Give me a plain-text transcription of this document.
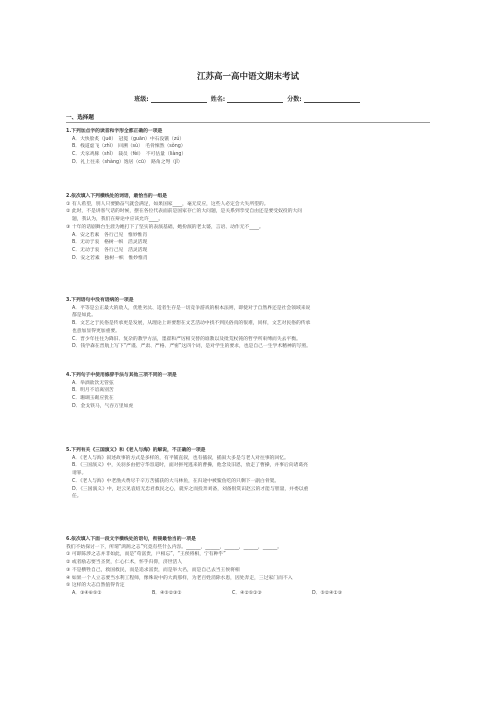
江苏高一高中语文期末考试
班级:	姓名:	分数:
一、选择题
1.下列加点字的读音和字形全都正确的一项是
A．大快脍炙（juē）　冠冕（guān）中石没镞（zú）
B．栈道虚飞（zhì）　回溯（sù）　毛骨悚然（sǒng）
C．犬豕鸡豚（shǐ）　裁员（fèi）　不可估量（liàng）
D．礼上往来（shàng）逸居（cū）　路角之弩（jǐ）
2.依次填入下列横线处的词语，最恰当的一组是
① 有人希望，别人只要勤奋气就会满足，如果国家____，毫无反应，这些人必定会大失所望的。
② 此时，不是讲客气话的时候，摆在各位代表面前是国家存亡的大问题，是关系到孪受自由还是要受奴役的大问
题，我认为，我们在辩论中应该允许____。
③ 十年的话剧舞台生涯为她打下了坚实的表演基础，她扮演的老太婆，言语、动作无不____。
A．安之若素　各行己见　惟妙惟肖
B．无动于衷　格树一帜　活灵活现
C．无动于衷　各行己见　活灵活现
D．安之若素　独树一帜　惟妙惟肖
3.下列语句中没有语病的一项是
A．平等是公正最大的敌人，优胜劣汰、适者生存是一切竞争游戏的根本法则，即使对于自然界还是社会领域来说
都是如此。
B．文艺之于民俗是传承更是发展，从理论上讲要想在文艺活动中找不到民俗真的很难，同样，文艺对民俗的传承
也意加显得更加重要。
C．晋少年往往为降旧、复杂的教学方法，墨翟和严厉相交替的谁教以及批荒杖钝的哲学所束缚而失去平衡。
D．钱学森在晋航上写下“严谨、严肃、严格、严密”这四个词，是对学生的要求，也是自己一生学术精神的写照。
4.下列句子中使用修辞手法与其他三项不同的一项是
A．举酒欲饮无管弦
B．明月不谙离别苦
C．珊瑚玉砌应犹在
D．金戈铁马，气吞万里如虎
5.下列有关《三国演义》和《老人与海》的解说，不正确的一项是
A．《老人与海》叙述故事的方式是多样的，有平铺直叙，也有插叙，插叙大多是与老人对往事的回忆。
B．《三国演义》中，关羽多由把守华容道时，面对拼死逃来的曹操，他念及旧恩，放走了曹操，并事后向诸葛亮
请罪。
C．《老人与海》中老渔夫费尽千辛万苦捕获的大马林鱼，在归途中被鲨鱼吃的只剩下一副白骨架。
D．《三国演义》中，赵云见袁绍无忠君救民之心，就弃之而投奔刘备，刘备很赏识赵云的才能与胆量，并委以重
任。
6.依次填入下面一段文字横线处的语句，衔接最恰当的一项是
我们不妨探讨一下，所谓“鸿鹄之志”究竟有些什么内容。______，______，______，______，______。
① 可即陈涉之志并非如此，而是“苟富贵，戶相忘”，“王侯将相，宁有种乎”
② 或者励志要当圣贤，仁心仁术，怀乎归仰，济世活人
③ 不是横牲自己，救国救民，而是追求富贵，而是举大名，而是自己去当王侯将相
④ 如果一个人立志要当水利工程师，像殊说中的大禹那样，为老百姓消除水患，因处奔走，三过家门而不入
⑤ 这样的大志自然值得肯定
A．③④⑥⑤①	B．④⑤②③①	C．④②⑤①③	D．⑤②④①③
